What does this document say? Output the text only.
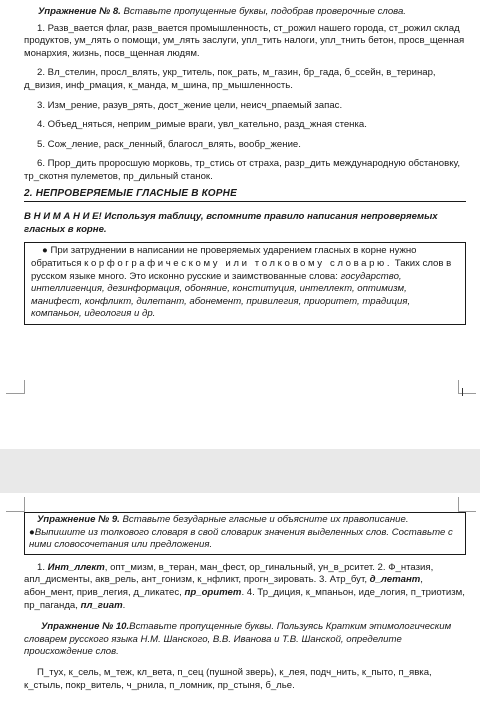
Упражнение № 8. Вставьте пропущенные буквы, подобрав проверочные слова.

1. Разв_вается флаг, разв_вается промышленность, ст_рожил нашего города, ст_рожил склад продуктов, ум_лять о помощи, ум_лять заслуги, упл_тить налоги, упл_тнить бетон, просв_щенная монархия, жизнь, посв_щенная людям.

2. Вл_стелин, просл_влять, укр_титель, пок_рать, м_газин, бр_гада, б_ссейн, в_теринар, д_визия, инф_рмация, к_манда, м_шина, пр_мышленность.

3. Изм_рение, разув_рять, дост_жение цели, неисч_рпаемый запас.

4. Объед_няться, неприм_римые враги, увл_кательно, разд_жная стенка.

5. Сож_ление, раск_ленный, благосл_влять, вообр_жение.

6. Прор_дить проросшую морковь, тр_стись от страха, разр_дить международную обстановку, тр_скотня пулеметов, пр_дильный станок.

2. НЕПРОВЕРЯЕМЫЕ ГЛАСНЫЕ В КОРНЕ

В Н И М А Н И Е! Используя таблицу, вспомните правило написания непроверяемых гласных в корне.

● При затруднении в написании не проверяемых ударением гласных в корне нужно обратиться к орфографическому или толковому словарю. Таких слов в русском языке много. Это исконно русские и заимствованные слова: государство, интеллигенция, дезинформация, обоняние, конституция, интеллект, оптимизм, манифест, конфликт, дилетант, абонемент, привилегия, приоритет, традиция, компаньон, идеология и др.

Упражнение № 9. Вставьте безударные гласные и объясните их правописание.

●Выпишите из толкового словаря в свой словарик значения выделенных слов. Составьте с ними словосочетания или предложения.

1. Инт_ллект, опт_мизм, в_теран, ман_фест, ор_гинальный, ун_в_рситет. 2. Ф_нтазия, апл_дисменты, акв_рель, ант_гонизм, к_нфликт, прогн_зировать. 3. Атр_бут, д_летант, абон_мент, прив_легия, д_ликатес, пр_оритет. 4. Тр_диция, к_мпаньон, иде_логия, п_триотизм, пр_паганда, пл_гиат.

Упражнение № 10.Вставьте пропущенные буквы. Пользуясь Кратким этимологическим словарем русского языка Н.М. Шанского, В.В. Иванова и Т.В. Шанской, определите происхождение слов.

П_тух, к_сель, м_теж, кл_вета, п_сец (пушной зверь), к_лея, подч_нить, к_пыто, п_явка, к_стыль, покр_витель, ч_рнила, п_ломник, пр_стыня, б_лье.
